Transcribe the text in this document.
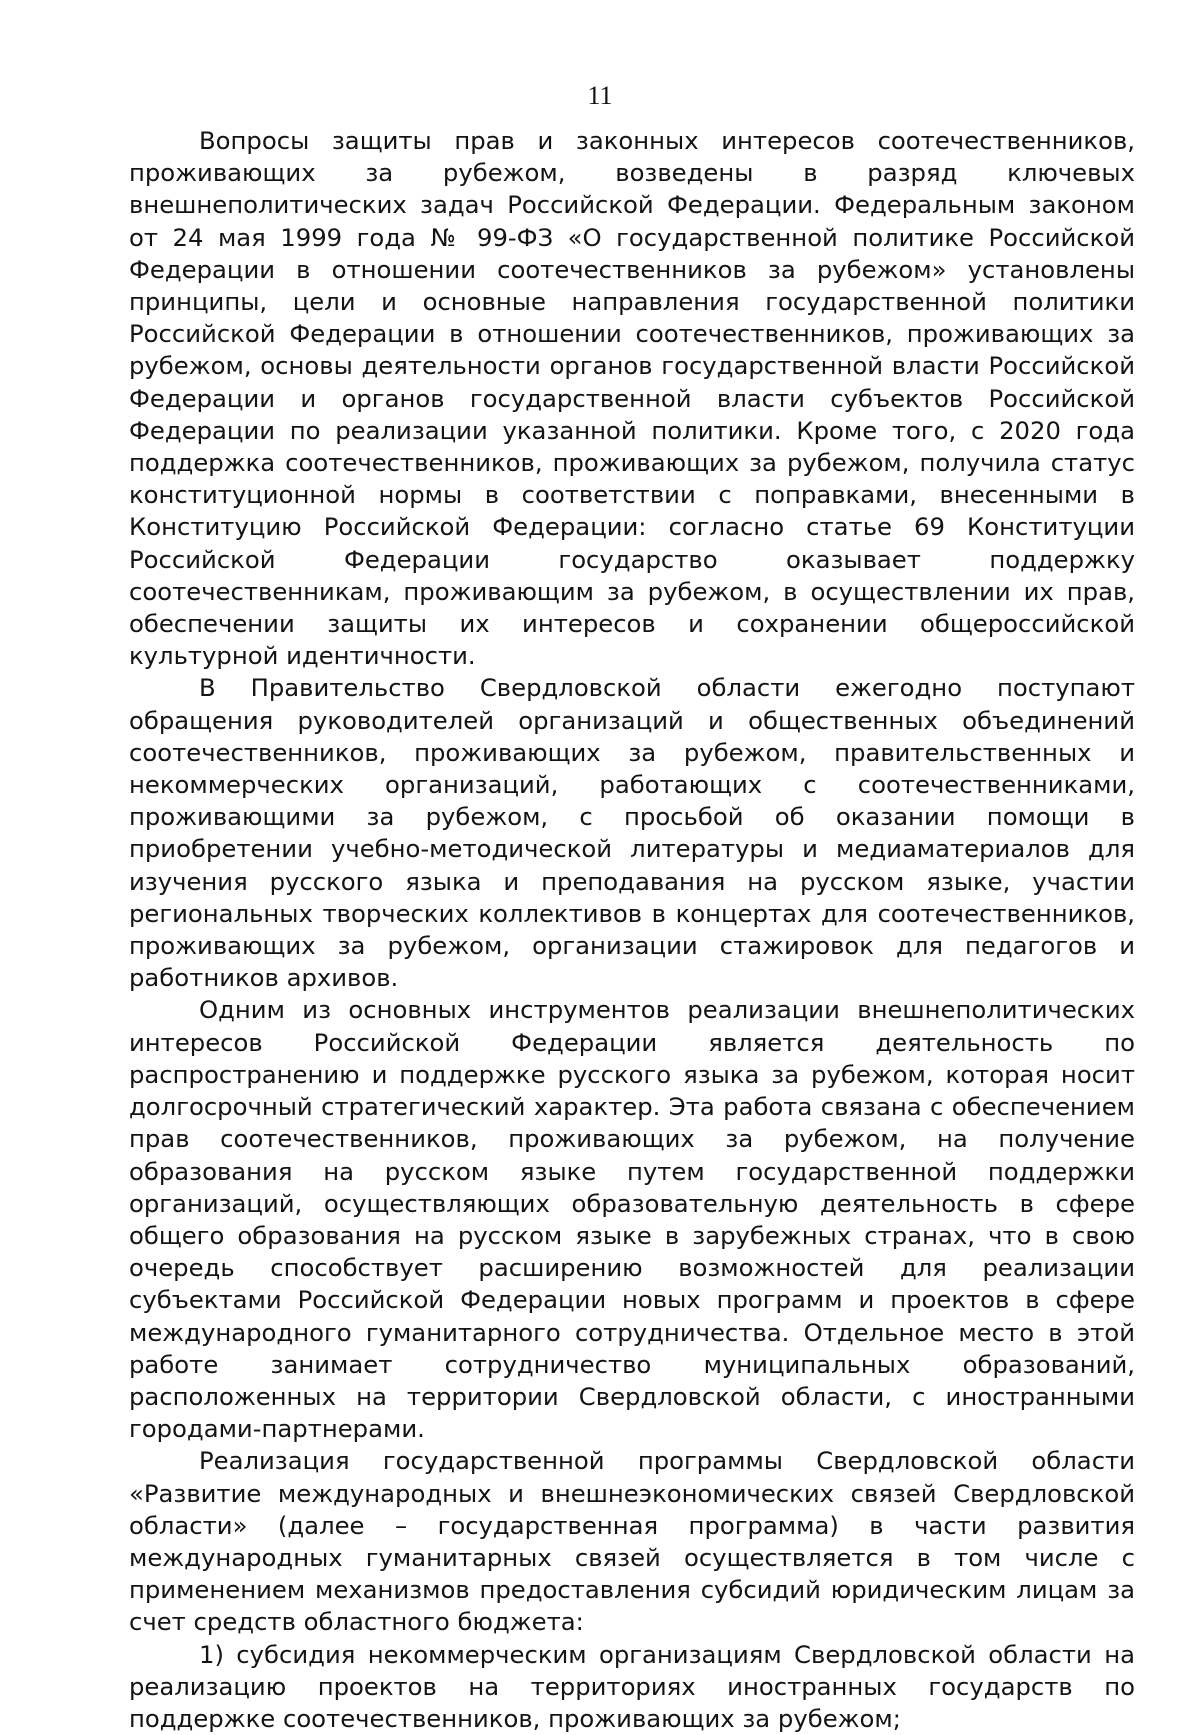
11

Вопросы защиты прав и законных интересов соотечественников, проживающих за рубежом, возведены в разряд ключевых внешнеполитических задач Российской Федерации. Федеральным законом от 24 мая 1999 года № 99-ФЗ «О государственной политике Российской Федерации в отношении соотечественников за рубежом» установлены принципы, цели и основные направления государственной политики Российской Федерации в отношении соотечественников, проживающих за рубежом, основы деятельности органов государственной власти Российской Федерации и органов государственной власти субъектов Российской Федерации по реализации указанной политики. Кроме того, с 2020 года поддержка соотечественников, проживающих за рубежом, получила статус конституционной нормы в соответствии с поправками, внесенными в Конституцию Российской Федерации: согласно статье 69 Конституции Российской Федерации государство оказывает поддержку соотечественникам, проживающим за рубежом, в осуществлении их прав, обеспечении защиты их интересов и сохранении общероссийской культурной идентичности.

В Правительство Свердловской области ежегодно поступают обращения руководителей организаций и общественных объединений соотечественников, проживающих за рубежом, правительственных и некоммерческих организаций, работающих с соотечественниками, проживающими за рубежом, с просьбой об оказании помощи в приобретении учебно-методической литературы и медиаматериалов для изучения русского языка и преподавания на русском языке, участии региональных творческих коллективов в концертах для соотечественников, проживающих за рубежом, организации стажировок для педагогов и работников архивов.

Одним из основных инструментов реализации внешнеполитических интересов Российской Федерации является деятельность по распространению и поддержке русского языка за рубежом, которая носит долгосрочный стратегический характер. Эта работа связана с обеспечением прав соотечественников, проживающих за рубежом, на получение образования на русском языке путем государственной поддержки организаций, осуществляющих образовательную деятельность в сфере общего образования на русском языке в зарубежных странах, что в свою очередь способствует расширению возможностей для реализации субъектами Российской Федерации новых программ и проектов в сфере международного гуманитарного сотрудничества. Отдельное место в этой работе занимает сотрудничество муниципальных образований, расположенных на территории Свердловской области, с иностранными городами-партнерами.

Реализация государственной программы Свердловской области «Развитие международных и внешнеэкономических связей Свердловской области» (далее – государственная программа) в части развития международных гуманитарных связей осуществляется в том числе с применением механизмов предоставления субсидий юридическим лицам за счет средств областного бюджета:

1) субсидия некоммерческим организациям Свердловской области на реализацию проектов на территориях иностранных государств по поддержке соотечественников, проживающих за рубежом;
